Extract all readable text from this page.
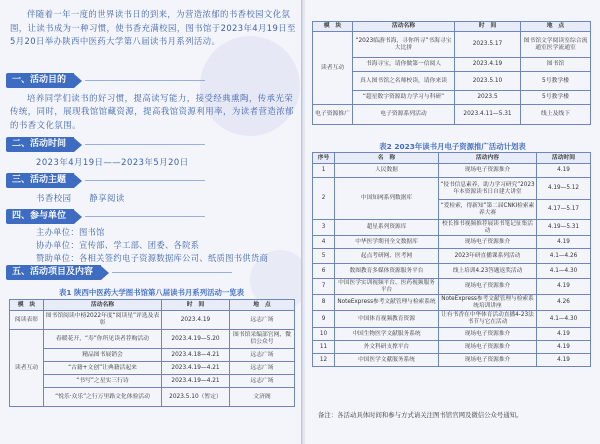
伴随着一年一度的世界读书日的到来，为营造浓郁的书香校园文化氛围，让读书成为一种习惯，使书香充满校园，图书馆于2023年4月19日至5月20日举办陕西中医药大学第八届读书月系列活动。

一、活动目的

培养同学们读书的好习惯，提高读写能力，接受经典熏陶，传承光荣传统，同时，展现我馆馆藏资源，提高我馆资源利用率，为读者营造浓郁的书香文化氛围。

二、活动时间

2023年4月19日——2023年5月20日

三、活动主题

书香校园　　静享阅读

四、参与单位
主办单位：图书馆
协办单位：宣传部、学工部、团委、各院系
赞助单位：各相关签约电子资源数据库公司、纸质图书供货商
五、活动项目及内容
表1 陕西中医药大学图书馆第八届读书月系列活动一览表
模　块	活动名称	时　间	地　点
阅读表彰	图书馆阅读中榜2022年度“阅读星”评选及表彰	2023.4.19	远志广场
读者互动	春暖花开，“寿”你所见读者荐购活动	2023.4.19—5.20	图书馆采编部官网、微信公众号
	精品图书展销会	2023.4.18—4.21	远志广场
	“古籍+文创”让典籍活起来	2023.4.19—4.21	远志广场
	“书写”之星实三行诗	2023.4.19—4.21	远志广场
	“悦乐·众乐”之行万里路文化体验活动	2023.5.10（暂定）	文济阁
模　块	活动名称	时　间	地　点
读者互动	“2023临游书海，寻你所寻”书海寻宝大比拼	2023.5.17	图书馆文学阅读室综合流通室医学流通室
	书海寻宝，请你做第一信阅人	2023.4.19	图书馆
	真人图书馆之名师校读，请你来读	2023.5.10	5号教学楼
	“超星数字资源助力学习与科研”	2023.5	5号教学楼
电子资源推广	电子资源系列活动	2023.4.11—5.31	线上及线下
表2 2023年读书月电子资源推广活动计划表
序号	名　称	活动内容	活动时间
1	人民数据	现场电子资源推介	4.19
2	中国知网系列数据库	“侵书信息素养，助力学习研究”2023年本资源读书日自建大讲堂	4.19—5.12
		“爱检索，得新知”第二届CNKI检索素养大赛	4.17—5.17
3	超星系列资源库	校长推书视频推荐展读书笔记征集活动	4.19—5.31
4	中华医学期刊全文数据库	现场电子资源推介	4.19
5	起点考研网、医考网	2023年研直播课系列活动	4.1—4.26
6	数图教育多媒体资源服务平台	线上培训4.23答题返奖活动	4.1—4.30
7	中国医学实训视频平台、医药视频服务平台	现场电子资源推介	4.19
8	NoteExpress参考文献管理与检索系统	NoteExpress参考文献管理与检索系统培训讲座	4.26
9	中国体育视频教育资源	让有书香在中华体育活动直播4-23法书节与它在活动	4.1—4.30
10	中国生物医学文献服务系统	现场电子资源推介	4.19
11	外文科研支撑平台	现场电子资源推介	4.19
12	中国医学文献服务系统	现场电子资源推介	4.19
备注：各活动具体时间和参与方式请关注图书馆官网及微信公众号通知。
